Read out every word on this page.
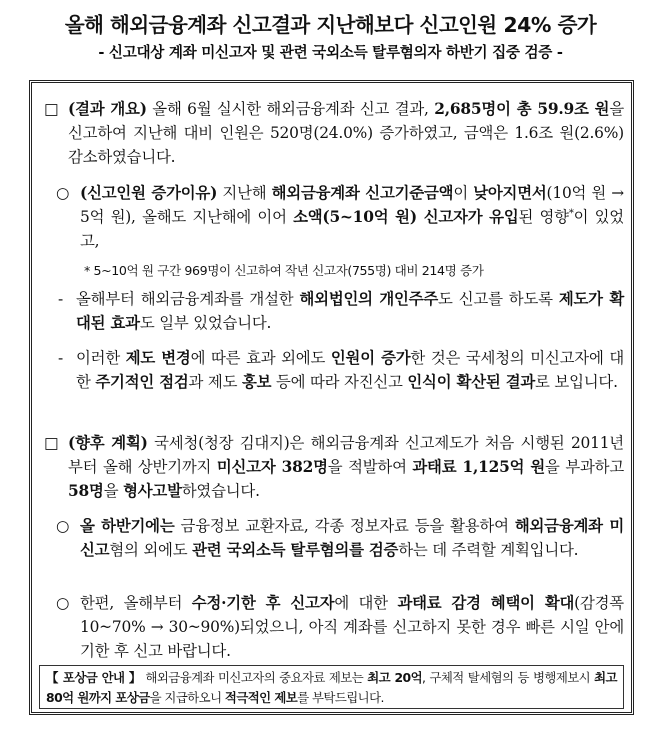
올해 해외금융계좌 신고결과 지난해보다 신고인원 24% 증가
- 신고대상 계좌 미신고자 및 관련 국외소득 탈루혐의자 하반기 집중 검증 -
□ (결과 개요) 올해 6월 실시한 해외금융계좌 신고 결과, 2,685명이 총 59.9조 원을 신고하여 지난해 대비 인원은 520명(24.0%) 증가하였고, 금액은 1.6조 원(2.6%) 감소하였습니다.
○ (신고인원 증가이유) 지난해 해외금융계좌 신고기준금액이 낮아지면서(10억 원 → 5억 원), 올해도 지난해에 이어 소액(5~10억 원) 신고자가 유입된 영향*이 있었고,
* 5~10억 원 구간 969명이 신고하여 작년 신고자(755명) 대비 214명 증가
- 올해부터 해외금융계좌를 개설한 해외법인의 개인주주도 신고를 하도록 제도가 확대된 효과도 일부 있었습니다.
- 이러한 제도 변경에 따른 효과 외에도 인원이 증가한 것은 국세청의 미신고자에 대한 주기적인 점검과 제도 홍보 등에 따라 자진신고 인식이 확산된 결과로 보입니다.
□ (향후 계획) 국세청(청장 김대지)은 해외금융계좌 신고제도가 처음 시행된 2011년부터 올해 상반기까지 미신고자 382명을 적발하여 과태료 1,125억 원을 부과하고 58명을 형사고발하였습니다.
○ 올 하반기에는 금융정보 교환자료, 각종 정보자료 등을 활용하여 해외금융계좌 미신고혐의 외에도 관련 국외소득 탈루혐의를 검증하는 데 주력할 계획입니다.
○ 한편, 올해부터 수정·기한 후 신고자에 대한 과태료 감경 혜택이 확대(감경폭 10~70% → 30~90%)되었으니, 아직 계좌를 신고하지 못한 경우 빠른 시일 안에 기한 후 신고 바랍니다.
【 포상금 안내 】 해외금융계좌 미신고자의 중요자료 제보는 최고 20억, 구체적 탈세혐의 등 병행제보시 최고 80억 원까지 포상금을 지급하오니 적극적인 제보를 부탁드립니다.
